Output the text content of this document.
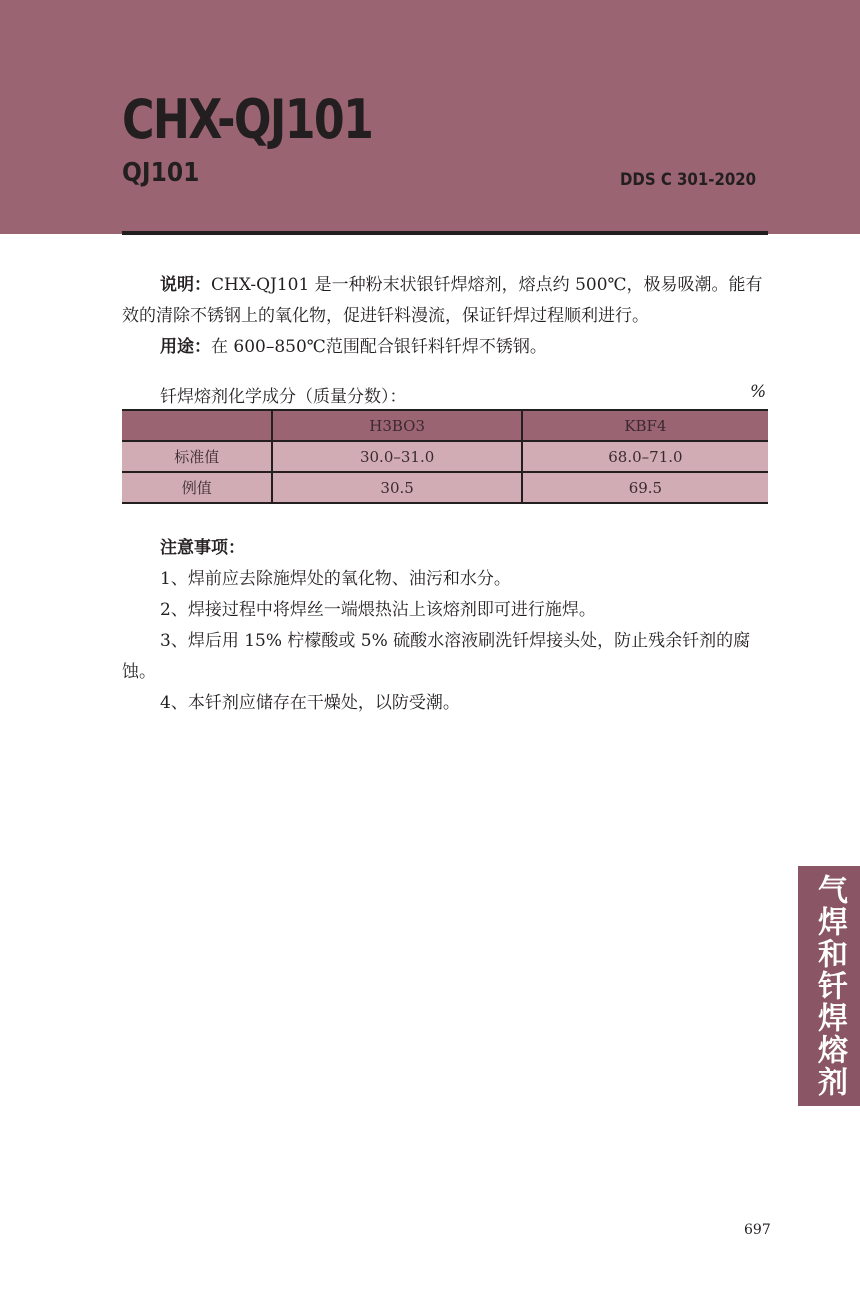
CHX-QJ101
QJ101	DDS C 301-2020

说明：CHX-QJ101 是一种粉末状银钎焊熔剂，熔点约 500℃，极易吸潮。能有效的清除不锈钢上的氧化物，促进钎料漫流，保证钎焊过程顺利进行。

用途：在 600–850℃范围配合银钎料钎焊不锈钢。

钎焊熔剂化学成分（质量分数）：	%
	H3BO3	KBF4
标准值	30.0–31.0	68.0–71.0
例值	30.5	69.5

注意事项：

1、焊前应去除施焊处的氧化物、油污和水分。

2、焊接过程中将焊丝一端煨热沾上该熔剂即可进行施焊。

3、焊后用 15% 柠檬酸或 5% 硫酸水溶液刷洗钎焊接头处，防止残余钎剂的腐蚀。

4、本钎剂应储存在干燥处，以防受潮。

气焊和钎焊熔剂
697
